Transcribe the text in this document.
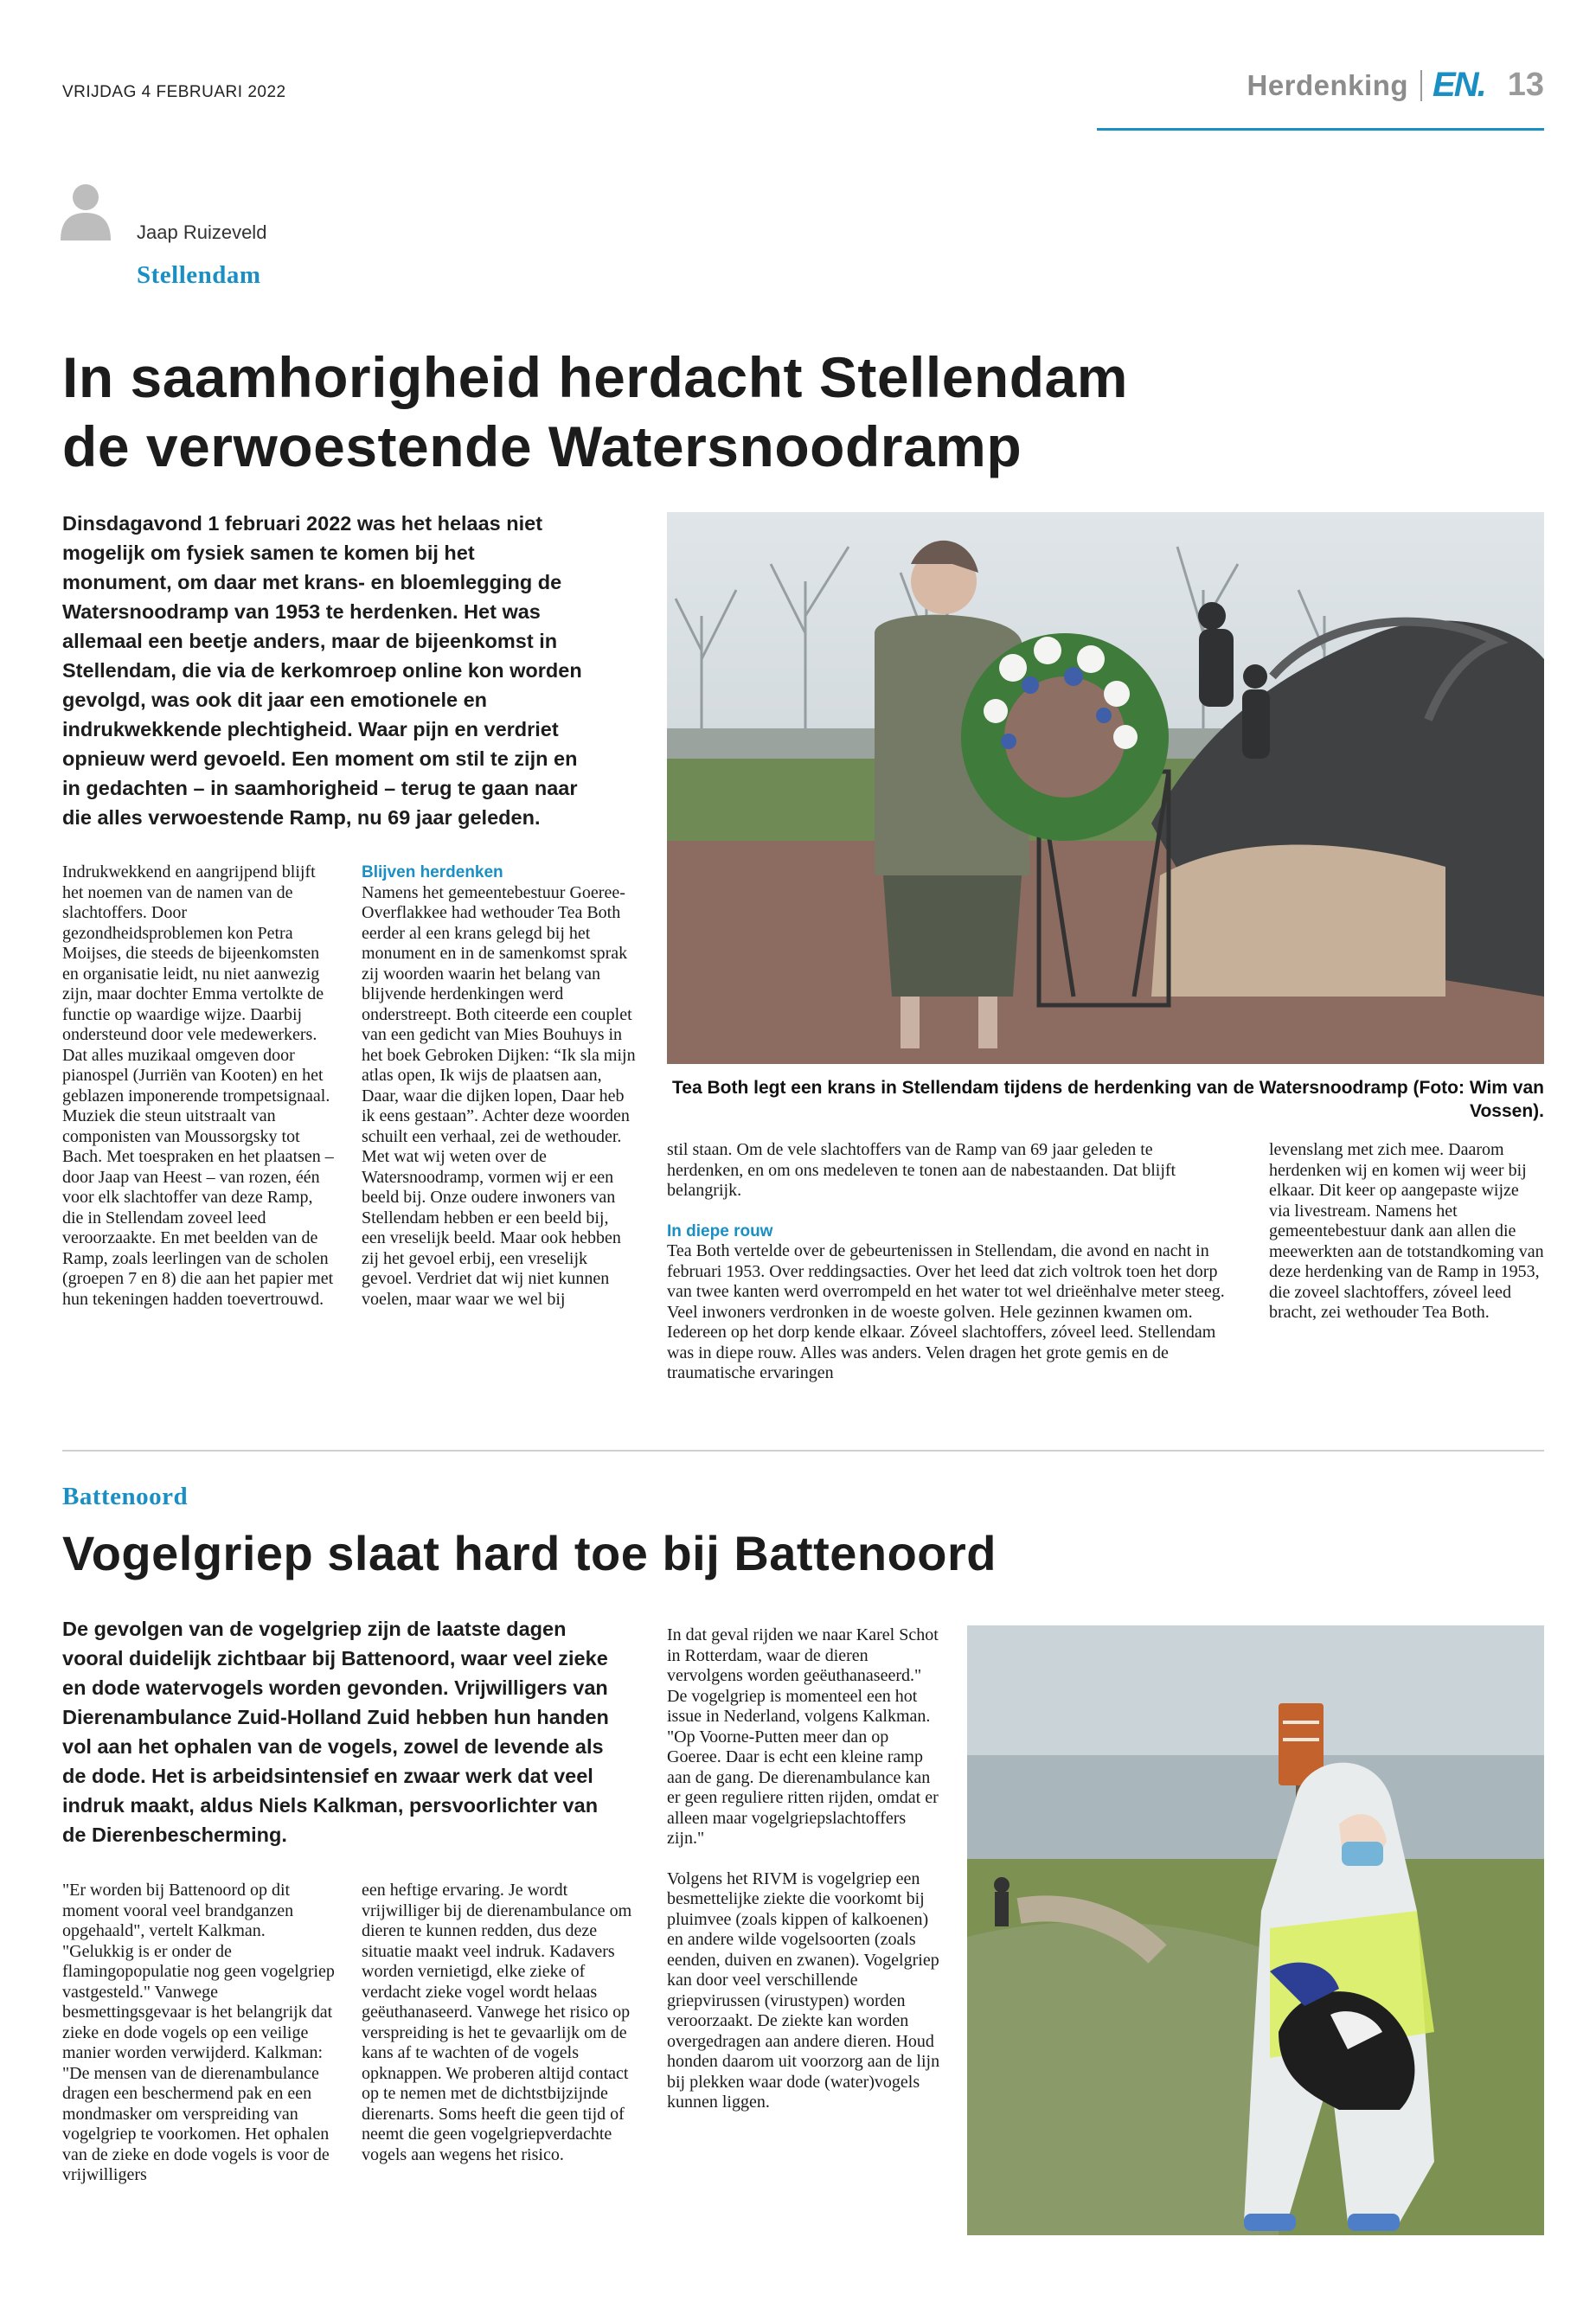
VRIJDAG 4 FEBRUARI 2022	Herdenking EN. 13
Jaap Ruizeveld
Stellendam
In saamhorigheid herdacht Stellendam
de verwoestende Watersnoodramp
Dinsdagavond 1 februari 2022 was het helaas niet mogelijk om fysiek samen te komen bij het monument, om daar met krans- en bloemlegging de Watersnoodramp van 1953 te herdenken. Het was allemaal een beetje anders, maar de bijeenkomst in Stellendam, die via de kerkomroep online kon worden gevolgd, was ook dit jaar een emotionele en indrukwekkende plechtigheid. Waar pijn en verdriet opnieuw werd gevoeld. Een moment om stil te zijn en in gedachten – in saamhorigheid – terug te gaan naar die alles verwoestende Ramp, nu 69 jaar geleden.

Indrukwekkend en aangrijpend blijft het noemen van de namen van de slachtoffers. Door gezondheidsproblemen kon Petra Moijses, die steeds de bijeenkomsten en organisatie leidt, nu niet aanwezig zijn, maar dochter Emma vertolkte de functie op waardige wijze. Daarbij ondersteund door vele medewerkers. Dat alles muzikaal omgeven door pianospel (Jurriën van Kooten) en het geblazen imponerende trompetsignaal. Muziek die steun uitstraalt van componisten van Moussorgsky tot Bach. Met toespraken en het plaatsen – door Jaap van Heest – van rozen, één voor elk slachtoffer van deze Ramp, die in Stellendam zoveel leed veroorzaakte. En met beelden van de Ramp, zoals leerlingen van de scholen (groepen 7 en 8) die aan het papier met hun tekeningen hadden toevertrouwd.

Blijven herdenken

Namens het gemeentebestuur Goeree-Overflakkee had wethouder Tea Both eerder al een krans gelegd bij het monument en in de samenkomst sprak zij woorden waarin het belang van blijvende herdenkingen werd onderstreept. Both citeerde een couplet van een gedicht van Mies Bouhuys in het boek Gebroken Dijken: “Ik sla mijn atlas open, Ik wijs de plaatsen aan, Daar, waar die dijken lopen, Daar heb ik eens gestaan”. Achter deze woorden schuilt een verhaal, zei de wethouder. Met wat wij weten over de Watersnoodramp, vormen wij er een beeld bij. Onze oudere inwoners van Stellendam hebben er een beeld bij, een vreselijk beeld. Maar ook hebben zij het gevoel erbij, een vreselijk gevoel. Verdriet dat wij niet kunnen voelen, maar waar we wel bij

Tea Both legt een krans in Stellendam tijdens de herdenking van de Watersnoodramp (Foto: Wim van Vossen).

stil staan. Om de vele slachtoffers van de Ramp van 69 jaar geleden te herdenken, en om ons medeleven te tonen aan de nabestaanden. Dat blijft belangrijk.

In diepe rouw

Tea Both vertelde over de gebeurtenissen in Stellendam, die avond en nacht in februari 1953. Over reddingsacties. Over het leed dat zich voltrok toen het dorp van twee kanten werd overrompeld en het water tot wel drieënhalve meter steeg. Veel inwoners verdronken in de woeste golven. Hele gezinnen kwamen om. Iedereen op het dorp kende elkaar. Zóveel slachtoffers, zóveel leed. Stellendam was in diepe rouw. Alles was anders. Velen dragen het grote gemis en de traumatische ervaringen

levenslang met zich mee. Daarom herdenken wij en komen wij weer bij elkaar. Dit keer op aangepaste wijze via livestream. Namens het gemeentebestuur dank aan allen die meewerkten aan de totstandkoming van deze herdenking van de Ramp in 1953, die zoveel slachtoffers, zóveel leed bracht, zei wethouder Tea Both.

Battenoord
Vogelgriep slaat hard toe bij Battenoord
De gevolgen van de vogelgriep zijn de laatste dagen vooral duidelijk zichtbaar bij Battenoord, waar veel zieke en dode watervogels worden gevonden. Vrijwilligers van Dierenambulance Zuid-Holland Zuid hebben hun handen vol aan het ophalen van de vogels, zowel de levende als de dode. Het is arbeidsintensief en zwaar werk dat veel indruk maakt, aldus Niels Kalkman, persvoorlichter van de Dierenbescherming.

"Er worden bij Battenoord op dit moment vooral veel brandganzen opgehaald", vertelt Kalkman. "Gelukkig is er onder de flamingopopulatie nog geen vogelgriep vastgesteld." Vanwege besmettingsgevaar is het belangrijk dat zieke en dode vogels op een veilige manier worden verwijderd. Kalkman: "De mensen van de dierenambulance dragen een beschermend pak en een mondmasker om verspreiding van vogelgriep te voorkomen. Het ophalen van de zieke en dode vogels is voor de vrijwilligers

een heftige ervaring. Je wordt vrijwilliger bij de dierenambulance om dieren te kunnen redden, dus deze situatie maakt veel indruk. Kadavers worden vernietigd, elke zieke of verdacht zieke vogel wordt helaas geëuthanaseerd. Vanwege het risico op verspreiding is het te gevaarlijk om de kans af te wachten of de vogels opknappen. We proberen altijd contact op te nemen met de dichtstbijzijnde dierenarts. Soms heeft die geen tijd of neemt die geen vogelgriepverdachte vogels aan wegens het risico.

In dat geval rijden we naar Karel Schot in Rotterdam, waar de dieren vervolgens worden geëuthanaseerd."

De vogelgriep is momenteel een hot issue in Nederland, volgens Kalkman. "Op Voorne-Putten meer dan op Goeree. Daar is echt een kleine ramp aan de gang. De dierenambulance kan er geen reguliere ritten rijden, omdat er alleen maar vogelgriepslachtoffers zijn."

Volgens het RIVM is vogelgriep een besmettelijke ziekte die voorkomt bij pluimvee (zoals kippen of kalkoenen) en andere wilde vogelsoorten (zoals eenden, duiven en zwanen). Vogelgriep kan door veel verschillende griepvirussen (virustypen) worden veroorzaakt. De ziekte kan worden overgedragen aan andere dieren. Houd honden daarom uit voorzorg aan de lijn bij plekken waar dode (water)vogels kunnen liggen.
